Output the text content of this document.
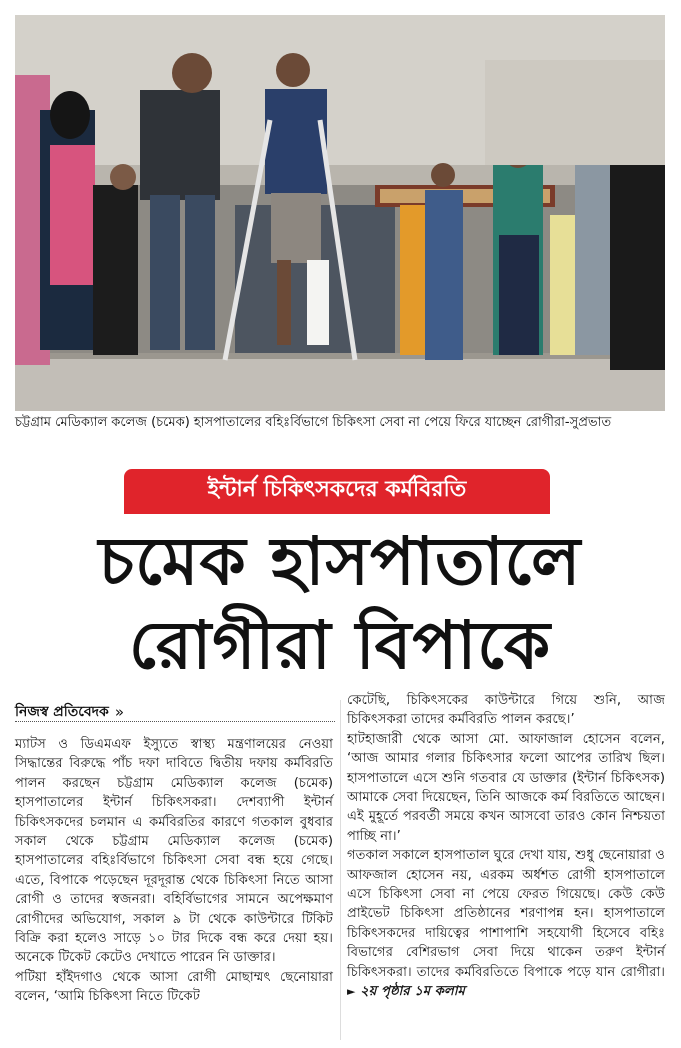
চট্টগ্রাম মেডিক্যাল কলেজ (চমেক) হাসপাতালের বহিঃর্বিভাগে চিকিৎসা সেবা না পেয়ে ফিরে যাচ্ছেন রোগীরা-সুপ্রভাত
ইন্টার্ন চিকিৎসকদের কর্মবিরতি
চমেক হাসপাতালে
রোগীরা বিপাকে
নিজস্ব প্রতিবেদক »

ম্যাটস ও ডিএমএফ ইস্যুতে স্বাস্থ্য মন্ত্রণালয়ের নেওয়া সিদ্ধান্তের বিরুদ্ধে পাঁচ দফা দাবিতে দ্বিতীয় দফায় কর্মবিরতি পালন করছেন চট্টগ্রাম মেডিক্যাল কলেজ (চমেক) হাসপাতালের ইন্টার্ন চিকিৎসকরা। দেশব্যাপী ইন্টার্ন চিকিৎসকদের চলমান এ কর্মবিরতির কারণে গতকাল বুধবার সকাল থেকে চট্টগ্রাম মেডিক্যাল কলেজ (চমেক) হাসপাতালের বহিঃর্বিভাগে চিকিৎসা সেবা বন্ধ হয়ে গেছে। এতে, বিপাকে পড়েছেন দূরদূরান্ত থেকে চিকিৎসা নিতে আসা রোগী ও তাদের স্বজনরা। বহির্বিভাগের সামনে অপেক্ষমাণ রোগীদের অভিযোগ, সকাল ৯ টা থেকে কাউন্টারে টিকিট বিক্রি করা হলেও সাড়ে ১০ টার দিকে বন্ধ করে দেয়া হয়। অনেকে টিকেট কেটেও দেখাতে পারেন নি ডাক্তার।

পটিয়া হাঁইদগাও থেকে আসা রোগী মোছাম্মৎ ছেনোয়ারা বলেন, ‘আমি চিকিৎসা নিতে টিকেট

কেটেছি, চিকিৎসকের কাউন্টারে গিয়ে শুনি, আজ চিকিৎসকরা তাদের কর্মবিরতি পালন করছে।’

হাটহাজারী থেকে আসা মো. আফাজাল হোসেন বলেন, ‘আজ আমার গলার চিকিৎসার ফলো আপের তারিখ ছিল। হাসপাতালে এসে শুনি গতবার যে ডাক্তার (ইন্টার্ন চিকিৎসক) আমাকে সেবা দিয়েছেন, তিনি আজকে কর্ম বিরতিতে আছেন। এই মুহূর্তে পরবর্তী সময়ে কখন আসবো তারও কোন নিশ্চয়তা পাচ্ছি না।’

গতকাল সকালে হাসপাতাল ঘুরে দেখা যায়, শুধু ছেনোয়ারা ও আফজাল হোসেন নয়, এরকম অর্ধশত রোগী হাসপাতালে এসে চিকিৎসা সেবা না পেয়ে ফেরত গিয়েছে। কেউ কেউ প্রাইভেট চিকিৎসা প্রতিষ্ঠানের শরণাপন্ন হন। হাসপাতালে চিকিৎসকদের দায়িত্বের পাশাপাশি সহযোগী হিসেবে বহিঃ বিভাগের বেশিরভাগ সেবা দিয়ে থাকেন তরুণ ইন্টার্ন চিকিৎসকরা। তাদের কর্মবিরতিতে বিপাকে পড়ে যান রোগীরা। ► ২য় পৃষ্ঠার ১ম কলাম
